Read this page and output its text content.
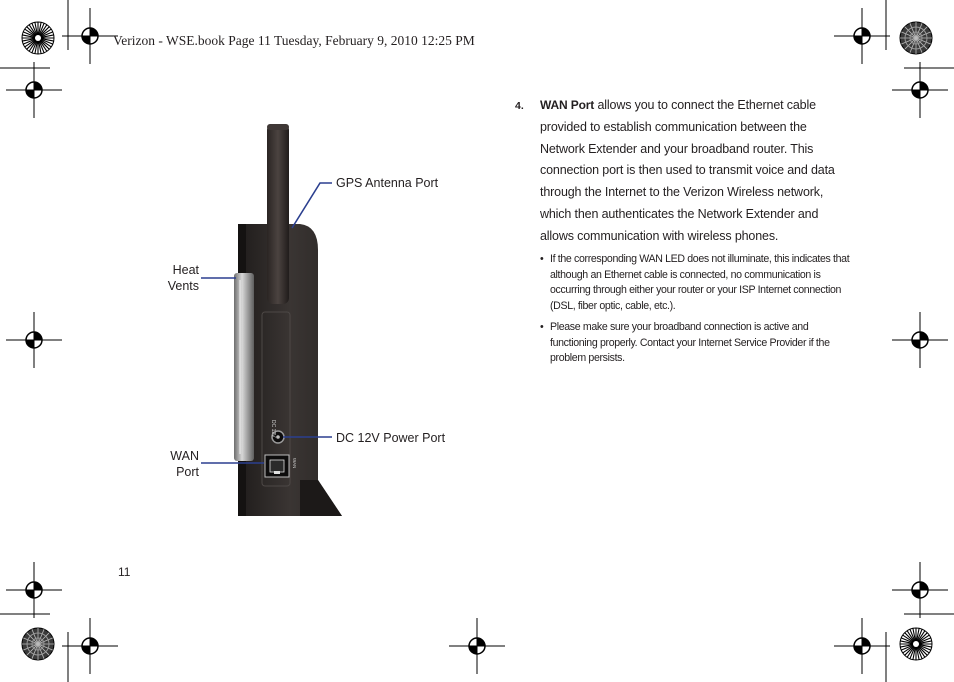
Verizon - WSE.book Page 11 Tuesday, February 9, 2010 12:25 PM
DC 12V
WAN
GPS Antenna Port
Heat
Vents
DC 12V Power Port
WAN
Port
11
4. WAN Port allows you to connect the Ethernet cable provided to establish communication between the Network Extender and your broadband router. This connection port is then used to transmit voice and data through the Internet to the Verizon Wireless network, which then authenticates the Network Extender and allows communication with wireless phones.
• If the corresponding WAN LED does not illuminate, this indicates that although an Ethernet cable is connected, no communication is occurring through either your router or your ISP Internet connection (DSL, fiber optic, cable, etc.).
• Please make sure your broadband connection is active and functioning properly. Contact your Internet Service Provider if the problem persists.
